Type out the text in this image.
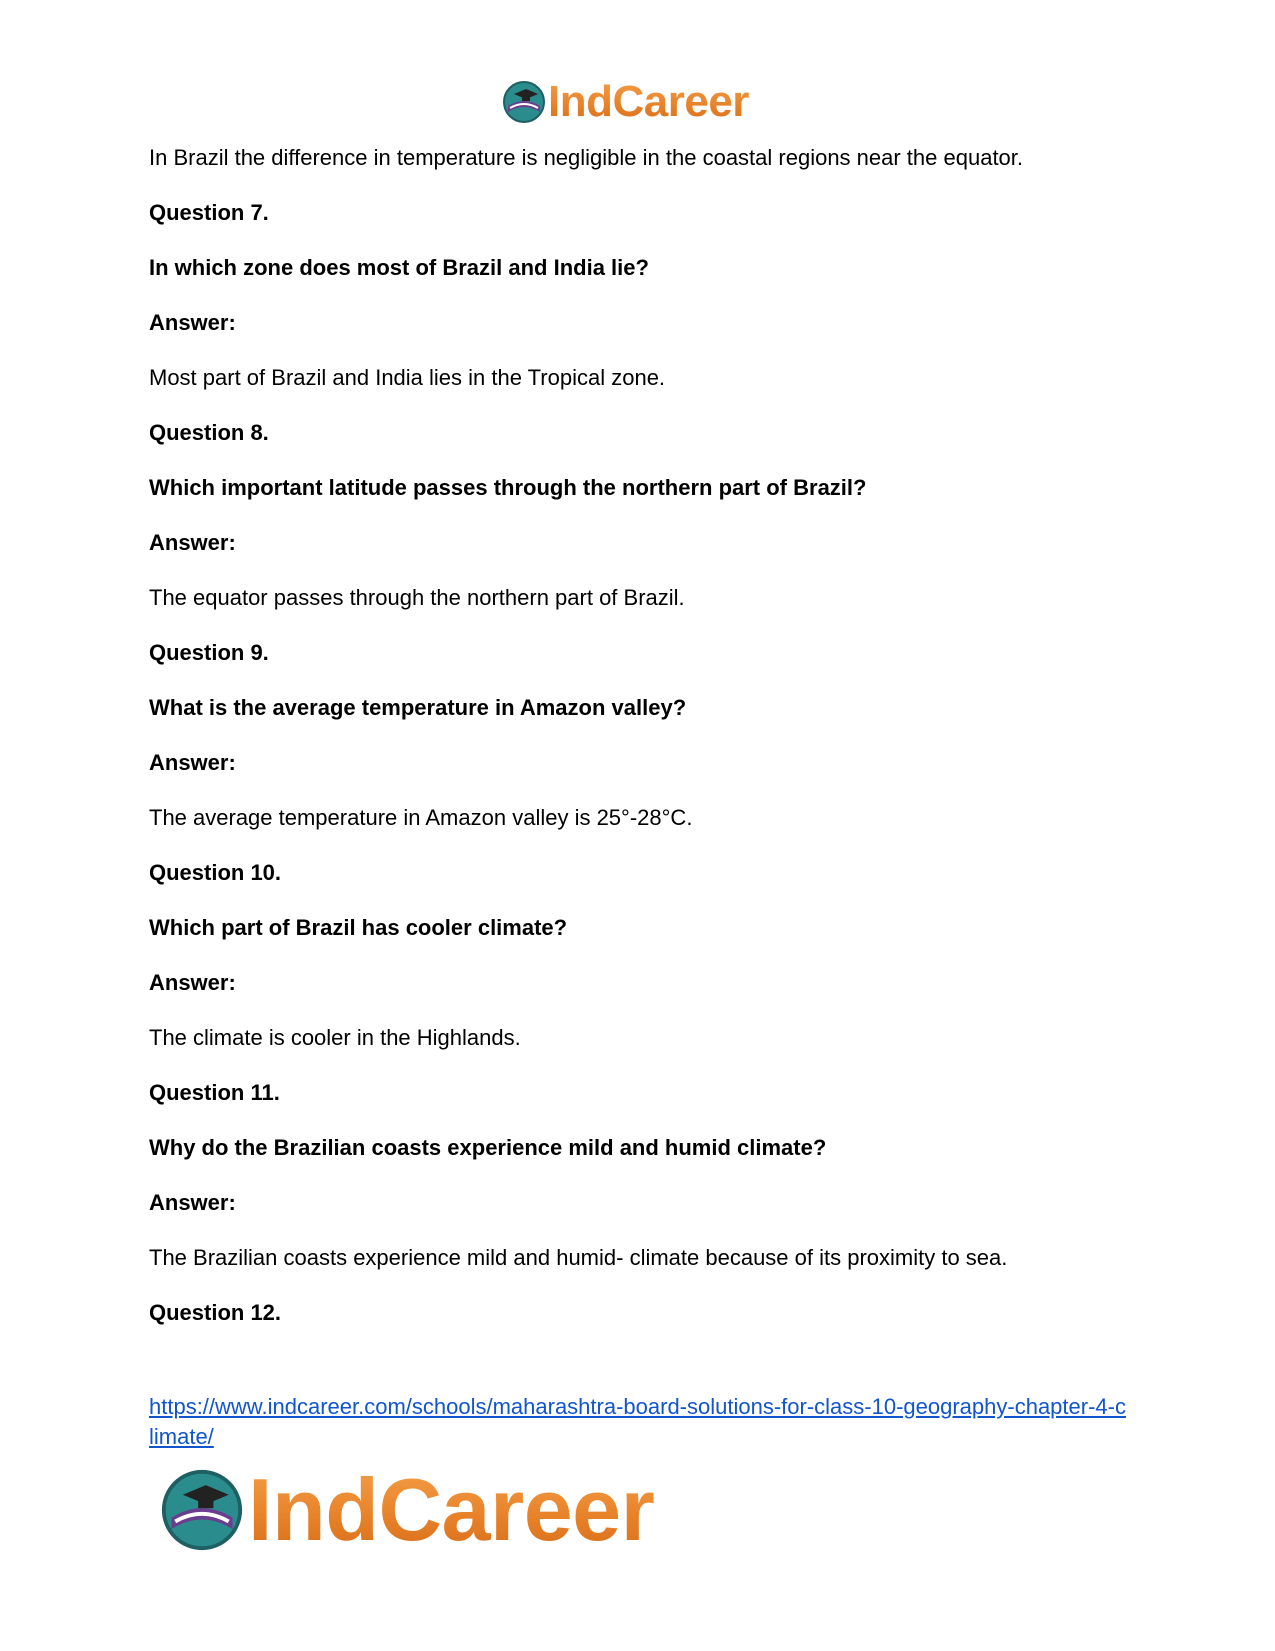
IndCareer

In Brazil the difference in temperature is negligible in the coastal regions near the equator.

Question 7.

In which zone does most of Brazil and India lie?

Answer:

Most part of Brazil and India lies in the Tropical zone.

Question 8.

Which important latitude passes through the northern part of Brazil?

Answer:

The equator passes through the northern part of Brazil.

Question 9.

What is the average temperature in Amazon valley?

Answer:

The average temperature in Amazon valley is 25°-28°C.

Question 10.

Which part of Brazil has cooler climate?

Answer:

The climate is cooler in the Highlands.

Question 11.

Why do the Brazilian coasts experience mild and humid climate?

Answer:

The Brazilian coasts experience mild and humid- climate because of its proximity to sea.

Question 12.

https://www.indcareer.com/schools/maharashtra-board-solutions-for-class-10-geography-chapter-4-climate/
IndCareer
